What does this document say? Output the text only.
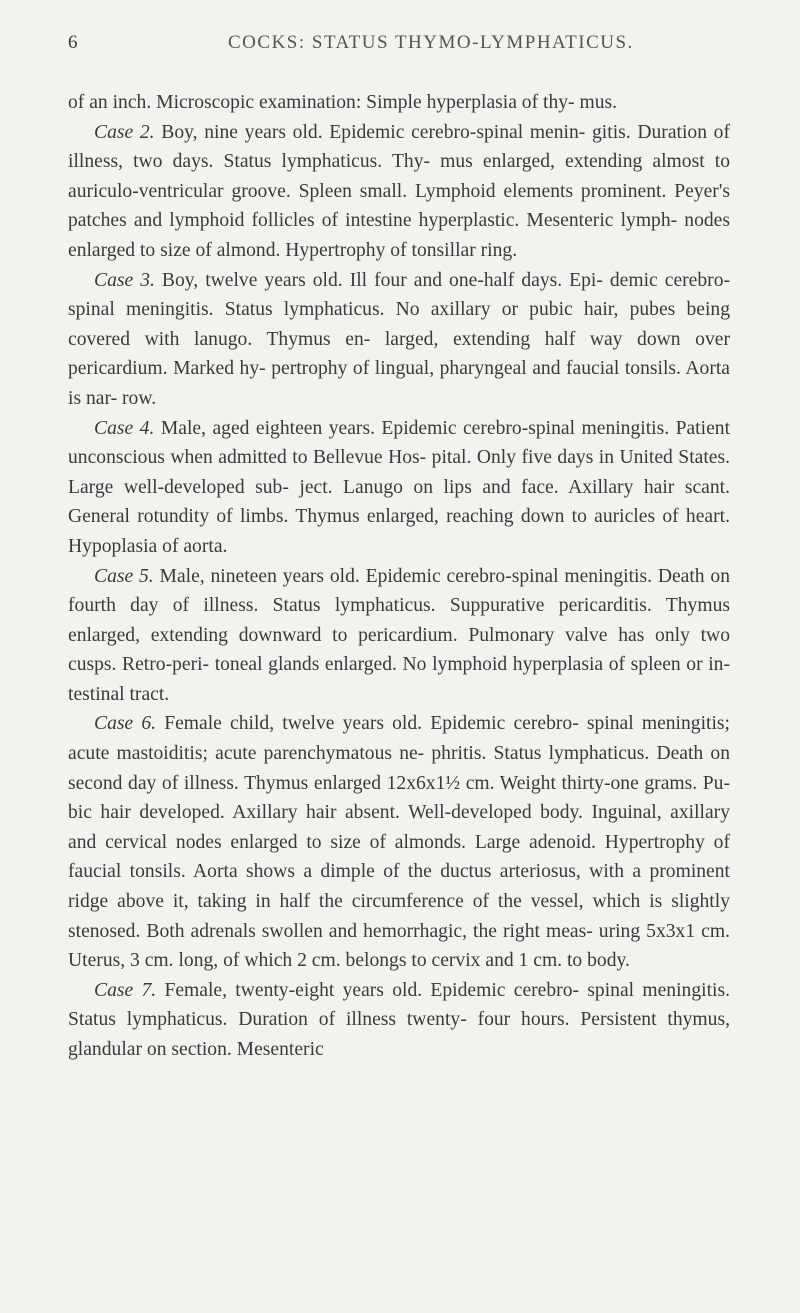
6	COCKS: STATUS THYMO-LYMPHATICUS.

of an inch. Microscopic examination: Simple hyperplasia of thy- mus.

Case 2. Boy, nine years old. Epidemic cerebro-spinal menin- gitis. Duration of illness, two days. Status lymphaticus. Thy- mus enlarged, extending almost to auriculo-ventricular groove. Spleen small. Lymphoid elements prominent. Peyer's patches and lymphoid follicles of intestine hyperplastic. Mesenteric lymph- nodes enlarged to size of almond. Hypertrophy of tonsillar ring.

Case 3. Boy, twelve years old. Ill four and one-half days. Epi- demic cerebro-spinal meningitis. Status lymphaticus. No axillary or pubic hair, pubes being covered with lanugo. Thymus en- larged, extending half way down over pericardium. Marked hy- pertrophy of lingual, pharyngeal and faucial tonsils. Aorta is nar- row.

Case 4. Male, aged eighteen years. Epidemic cerebro-spinal meningitis. Patient unconscious when admitted to Bellevue Hos- pital. Only five days in United States. Large well-developed sub- ject. Lanugo on lips and face. Axillary hair scant. General rotundity of limbs. Thymus enlarged, reaching down to auricles of heart. Hypoplasia of aorta.

Case 5. Male, nineteen years old. Epidemic cerebro-spinal meningitis. Death on fourth day of illness. Status lymphaticus. Suppurative pericarditis. Thymus enlarged, extending downward to pericardium. Pulmonary valve has only two cusps. Retro-peri- toneal glands enlarged. No lymphoid hyperplasia of spleen or in- testinal tract.

Case 6. Female child, twelve years old. Epidemic cerebro- spinal meningitis; acute mastoiditis; acute parenchymatous ne- phritis. Status lymphaticus. Death on second day of illness. Thymus enlarged 12x6x1½ cm. Weight thirty-one grams. Pu- bic hair developed. Axillary hair absent. Well-developed body. Inguinal, axillary and cervical nodes enlarged to size of almonds. Large adenoid. Hypertrophy of faucial tonsils. Aorta shows a dimple of the ductus arteriosus, with a prominent ridge above it, taking in half the circumference of the vessel, which is slightly stenosed. Both adrenals swollen and hemorrhagic, the right meas- uring 5x3x1 cm. Uterus, 3 cm. long, of which 2 cm. belongs to cervix and 1 cm. to body.

Case 7. Female, twenty-eight years old. Epidemic cerebro- spinal meningitis. Status lymphaticus. Duration of illness twenty- four hours. Persistent thymus, glandular on section. Mesenteric
